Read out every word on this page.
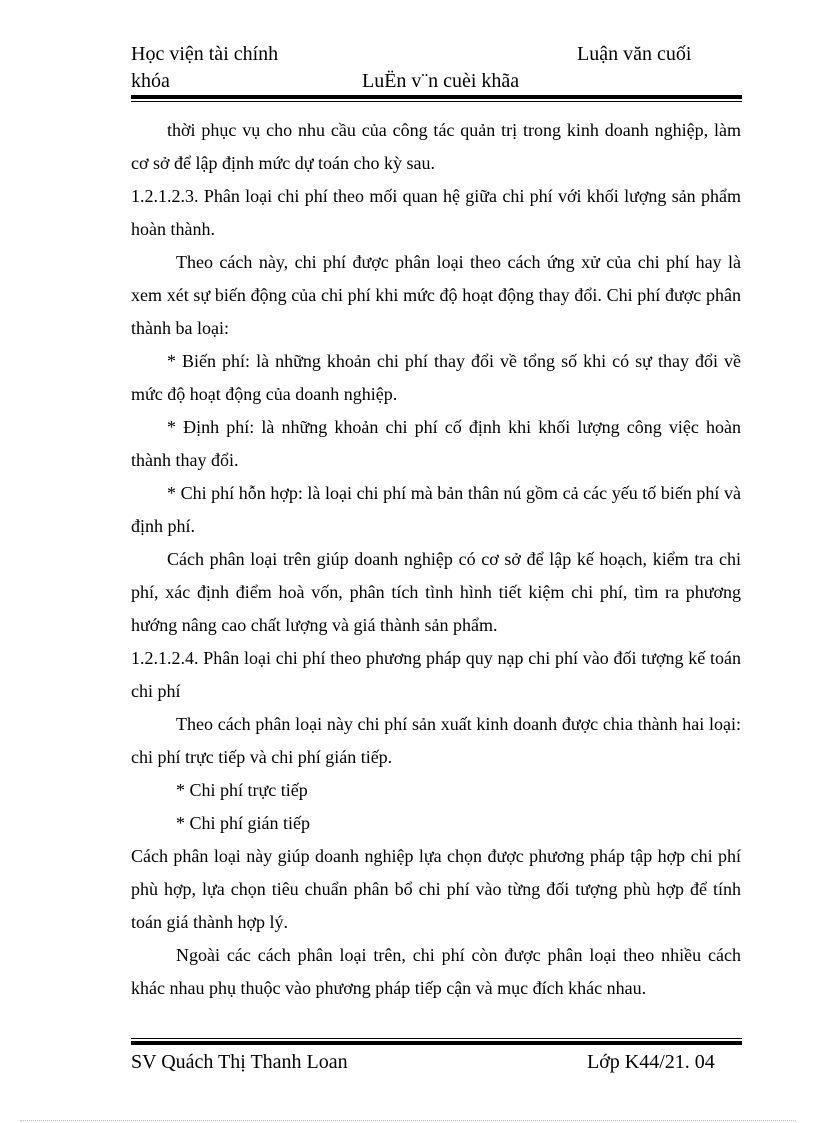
Học viện tài chính	Luận văn cuối
khóa	LuËn v¨n cuèi khãa

thời phục vụ cho nhu cầu của công tác quản trị trong kinh doanh nghiệp, làm cơ sở để lập định mức dự toán cho kỳ sau.

1.2.1.2.3. Phân loại chi phí theo mối quan hệ giữa chi phí với khối lượng sản phẩm hoàn thành.

Theo cách này, chi phí được phân loại theo cách ứng xử của chi phí hay là xem xét sự biến động của chi phí khi mức độ hoạt động thay đổi. Chi phí được phân thành ba loại:

* Biến phí: là những khoản chi phí thay đổi về tổng số khi có sự thay đổi về mức độ hoạt động của doanh nghiệp.

* Định phí: là những khoản chi phí cố định khi khối lượng công việc hoàn thành thay đổi.

* Chi phí hỗn hợp: là loại chi phí mà bản thân nú gồm cả các yếu tố biến phí và định phí.

Cách phân loại trên giúp doanh nghiệp có cơ sở để lập kế hoạch, kiểm tra chi phí, xác định điểm hoà vốn, phân tích tình hình tiết kiệm chi phí, tìm ra phương hướng nâng cao chất lượng và giá thành sản phẩm.

1.2.1.2.4. Phân loại chi phí theo phương pháp quy nạp chi phí vào đối tượng kế toán chi phí

Theo cách phân loại này chi phí sản xuất kinh doanh được chia thành hai loại: chi phí trực tiếp và chi phí gián tiếp.

* Chi phí trực tiếp

* Chi phí gián tiếp

Cách phân loại này giúp doanh nghiệp lựa chọn được phương pháp tập hợp chi phí phù hợp, lựa chọn tiêu chuẩn phân bổ chi phí vào từng đối tượng phù hợp để tính toán giá thành hợp lý.

Ngoài các cách phân loại trên, chi phí còn được phân loại theo nhiều cách khác nhau phụ thuộc vào phương pháp tiếp cận và mục đích khác nhau.

SV Quách Thị Thanh Loan	Lớp K44/21. 04
